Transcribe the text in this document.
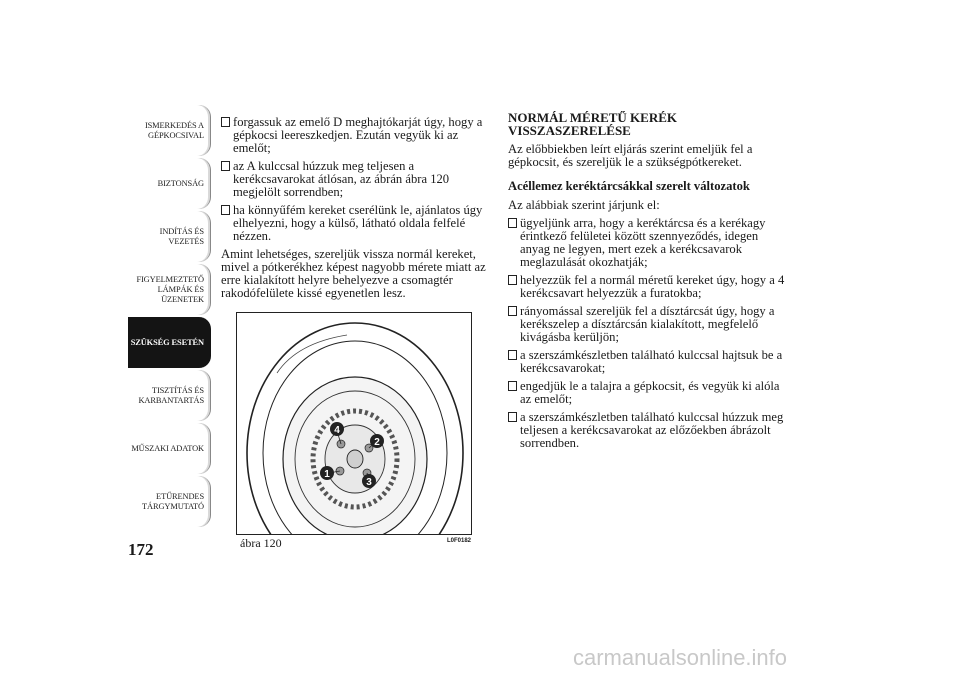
ISMERKEDÉS A
GÉPKOCSIVAL
BIZTONSÁG
INDÍTÁS ÉS
VEZETÉS
FIGYELMEZTETŐ
LÁMPÁK ÉS
ÜZENETEK
SZÜKSÉG ESETÉN
TISZTÍTÁS ÉS
KARBANTARTÁS
MŰSZAKI ADATOK
ETŰRENDES
TÁRGYMUTATÓ
172
forgassuk az emelő D meghajtókarját úgy, hogy a gépkocsi leereszkedjen. Ezután vegyük ki az emelőt;
az A kulccsal húzzuk meg teljesen a kerékcsavarokat átlósan, az ábrán ábra 120 megjelölt sorrendben;
ha könnyűfém kereket cserélünk le, ajánlatos úgy elhelyezni, hogy a külső, látható oldala felfelé nézzen.
Amint lehetséges, szereljük vissza normál kereket, mivel a pótkerékhez képest nagyobb mérete miatt az erre kialakított helyre behelyezve a csomagtér rakodófelülete kissé egyenetlen lesz.
1
2
3
4
ábra 120	L0F0182
NORMÁL MÉRETŰ KERÉK VISSZASZERELÉSE
Az előbbiekben leírt eljárás szerint emeljük fel a gépkocsit, és szereljük le a szükségpótkereket.
Acéllemez keréktárcsákkal szerelt változatok
Az alábbiak szerint járjunk el:
ügyeljünk arra, hogy a keréktárcsa és a kerékagy érintkező felületei között szennyeződés, idegen anyag ne legyen, mert ezek a kerékcsavarok meglazulását okozhatják;
helyezzük fel a normál méretű kereket úgy, hogy a 4 kerékcsavart helyezzük a furatokba;
rányomással szereljük fel a dísztárcsát úgy, hogy a kerékszelep a dísztárcsán kialakított, megfelelő kivágásba kerüljön;
a szerszámkészletben található kulccsal hajtsuk be a kerékcsavarokat;
engedjük le a talajra a gépkocsit, és vegyük ki alóla az emelőt;
a szerszámkészletben található kulccsal húzzuk meg teljesen a kerékcsavarokat az előzőekben ábrázolt sorrendben.
carmanualsonline.info
